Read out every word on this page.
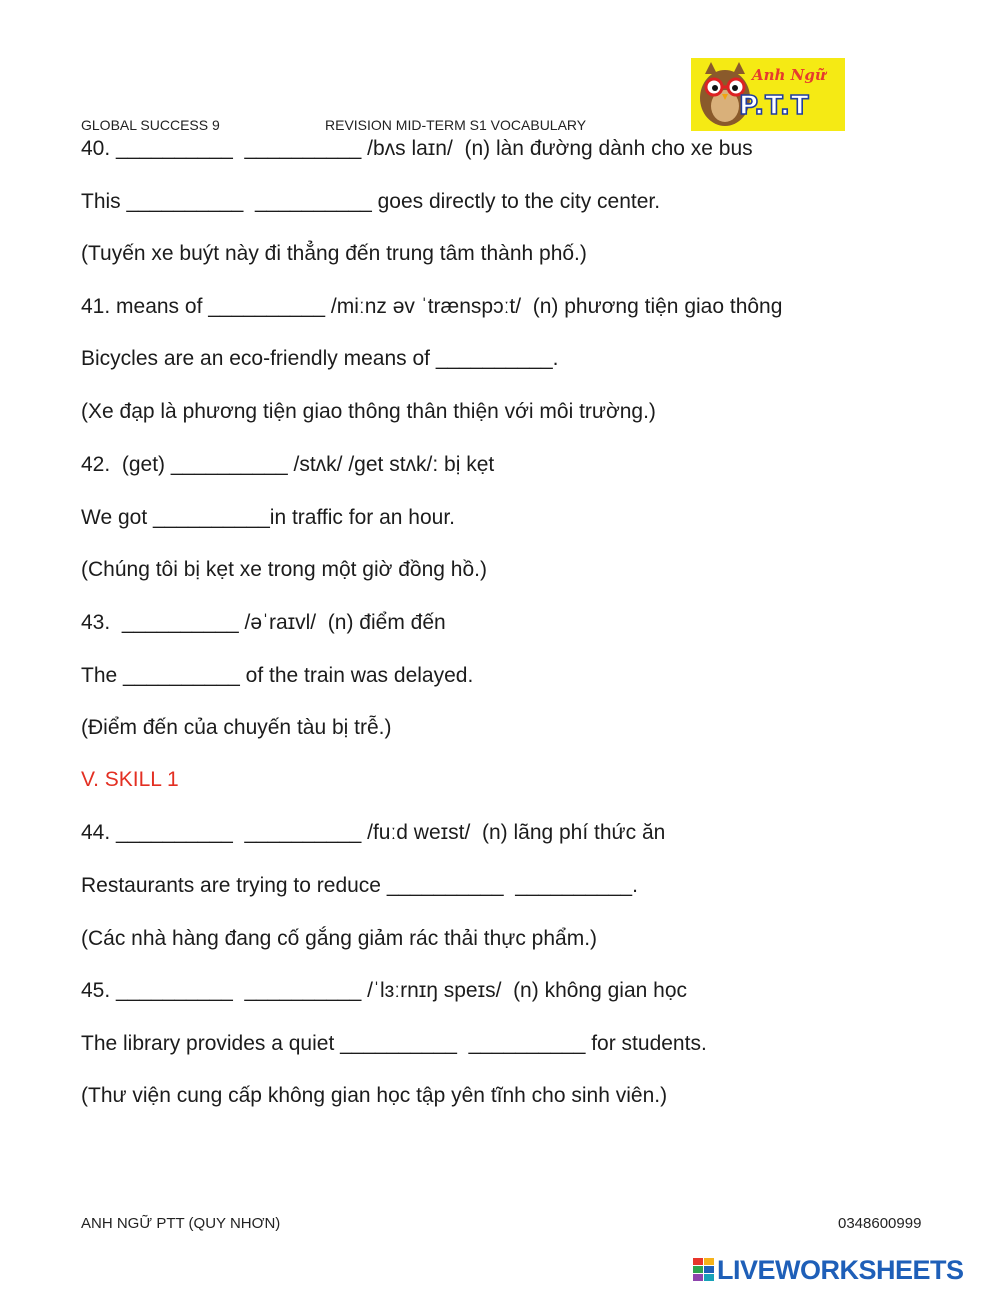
GLOBAL SUCCESS 9	REVISION MID-TERM S1 VOCABULARY
Anh Ngữ
P.T.T
40. __________  __________ /bʌs laɪn/  (n) làn đường dành cho xe bus
This __________  __________ goes directly to the city center.
(Tuyến xe buýt này đi thẳng đến trung tâm thành phố.)
41. means of __________ /miːnz əv ˈtrænspɔːt/  (n) phương tiện giao thông
Bicycles are an eco-friendly means of __________.
(Xe đạp là phương tiện giao thông thân thiện với môi trường.)
42.  (get) __________ /stʌk/ /get stʌk/: bị kẹt
We got __________in traffic for an hour.
(Chúng tôi bị kẹt xe trong một giờ đồng hồ.)
43.  __________ /əˈraɪvl/  (n) điểm đến
The __________ of the train was delayed.
(Điểm đến của chuyến tàu bị trễ.)
V. SKILL 1
44. __________  __________ /fuːd weɪst/  (n) lãng phí thức ăn
Restaurants are trying to reduce __________  __________.
(Các nhà hàng đang cố gắng giảm rác thải thực phẩm.)
45. __________  __________ /ˈlɜːrnɪŋ speɪs/  (n) không gian học
The library provides a quiet __________  __________ for students.
(Thư viện cung cấp không gian học tập yên tĩnh cho sinh viên.)
ANH NGỮ PTT (QUY NHƠN)	0348600999
LIVEWORKSHEETS
